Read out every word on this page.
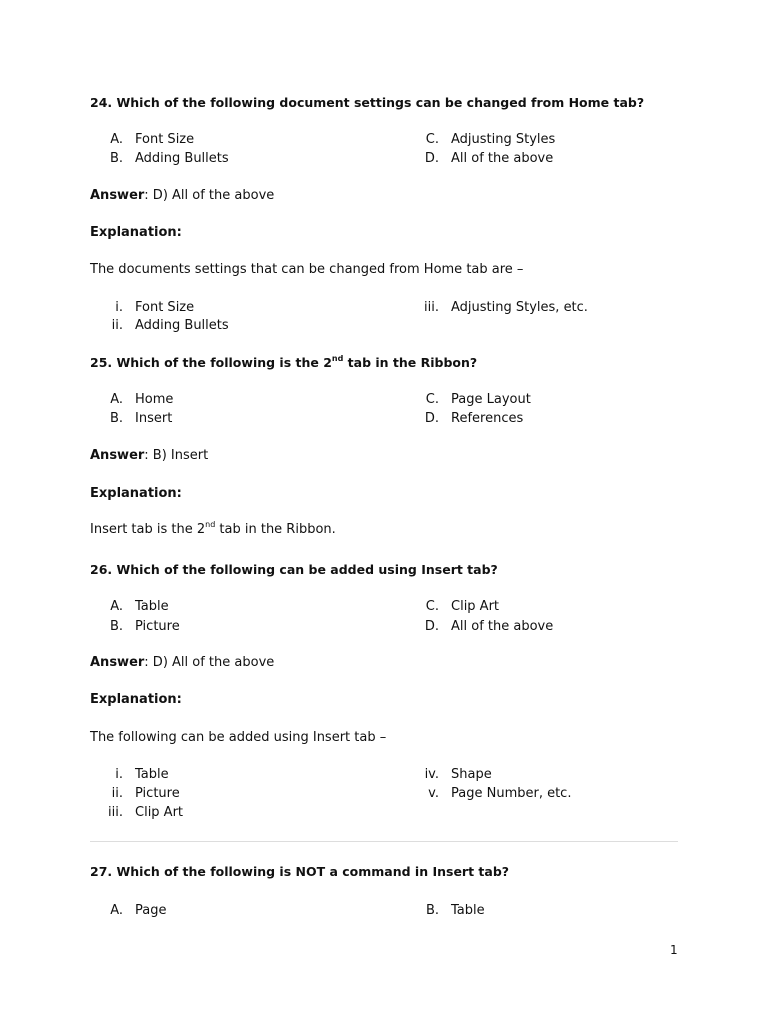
24. Which of the following document settings can be changed from Home tab?
A. Font Size
B. Adding Bullets
C. Adjusting Styles
D. All of the above
Answer: D) All of the above
Explanation:
The documents settings that can be changed from Home tab are –
i. Font Size
ii. Adding Bullets
iii. Adjusting Styles, etc.
25. Which of the following is the 2nd tab in the Ribbon?
A. Home
B. Insert
C. Page Layout
D. References
Answer: B) Insert
Explanation:
Insert tab is the 2nd tab in the Ribbon.
26. Which of the following can be added using Insert tab?
A. Table
B. Picture
C. Clip Art
D. All of the above
Answer: D) All of the above
Explanation:
The following can be added using Insert tab –
i. Table
ii. Picture
iii. Clip Art
iv. Shape
v. Page Number, etc.
27. Which of the following is NOT a command in Insert tab?
A. Page	B. Table
1
